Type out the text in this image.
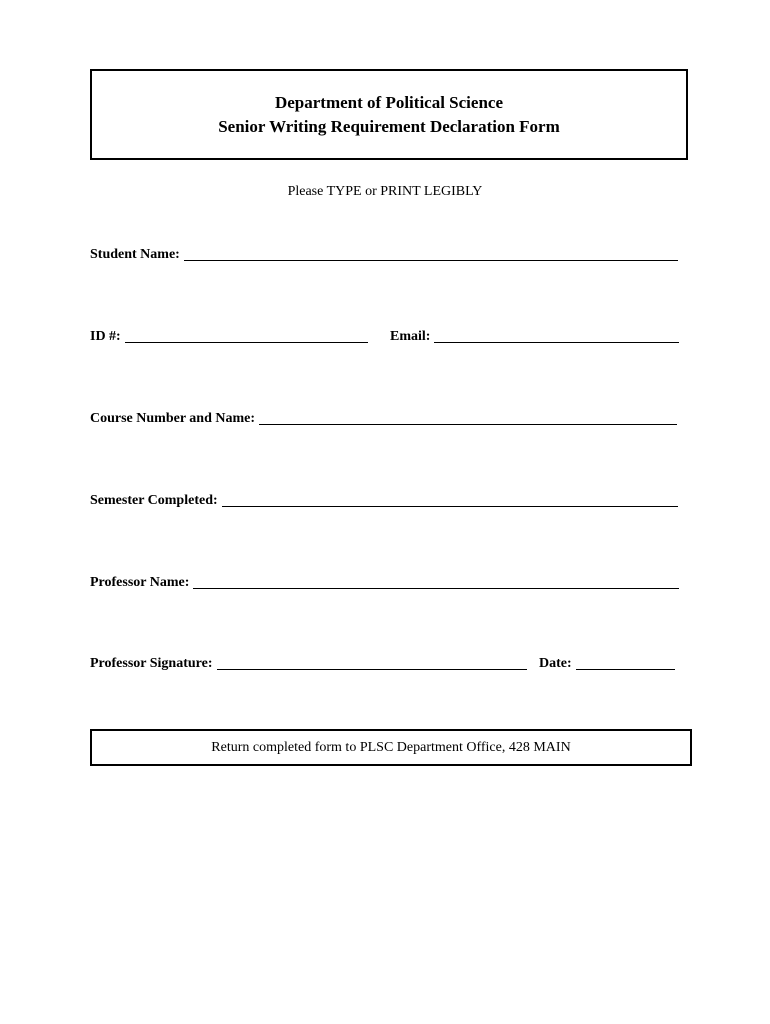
Department of Political Science
Senior Writing Requirement Declaration Form
Please TYPE or PRINT LEGIBLY
Student Name:
ID #:	Email:
Course Number and Name:
Semester Completed:
Professor Name:
Professor Signature:	Date:
Return completed form to PLSC Department Office, 428 MAIN
